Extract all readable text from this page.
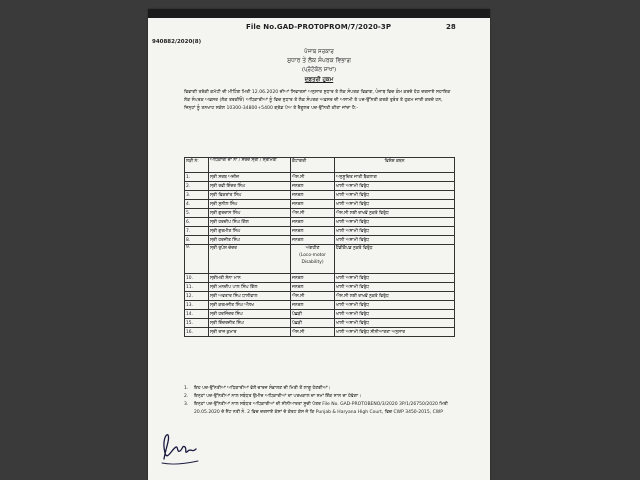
File No.GAD-PROT0PROM/7/2020-3P	28
940882/2020(8)
ਪੰਜਾਬ ਸਰਕਾਰ
ਸੁਧਾਰ ਤੇ ਲੋਕ ਸੰਪਰਕ ਵਿਭਾਗ
(ਪ੍ਰੋਟੋਕੋਲ ਸ਼ਾਖਾ)
ਦਫ਼ਤਰੀ ਹੁਕਮ
ਵਿਭਾਗੀ ਤਰੱਕੀ ਕਮੇਟੀ ਦੀ ਮੀਟਿੰਗ ਮਿਤੀ 12.06.2020 ਦੀਆਂ ਸਿਫਾਰਸ਼ਾਂ ਅਨੁਸਾਰ ਸੁਧਾਰ ਤੇ ਲੋਕ ਸੰਪਰਕ ਵਿਭਾਗ, ਪੰਜਾਬ ਵਿਚ ਕੰਮ ਕਰਦੇ ਹੇਠ ਦਰਸਾਏ ਸਹਾਇਕ ਲੋਕ ਸੰਪਰਕ ਅਫ਼ਸਰ (ਲੋਕ ਤਰਕੀਓਂ) ਅਧਿਕਾਰੀਆਂ ਨੂੰ ਵਿਚ ਸੁਧਾਰ ਤੇ ਲੋਕ ਸੰਪਰਕ ਅਫ਼ਸਰ ਦੀ ਅਸਾਮੀ ਤੇ ਪਦ-ਉੱਨਤੀ ਕਰਕੇ ਤੁਰੰਤ ਤੇ ਹੁਕਮ ਜਾਰੀ ਕਰਦੇ ਹਨ, ਜਿਨ੍ਹਾਂ ਨੂੰ ਤਨਖਾਹ ਸਕੇਲ 10300-34800+5400 ਗ੍ਰੇਡ ਪੇਅ ਤੇ ਰੈਗੂਲਰ ਪਦ-ਉੱਨਤੀ ਕੀਤਾ ਜਾਂਦਾ ਹੈ:-
ਲੜੀ ਨੰ:	ਅਧਿਕਾਰੀ ਦਾ ਨਾਂ / ਸਰਦ ਸ੍ਰੀ / ਸ੍ਰੀਮਤੀ	ਕੈਟਾਗਰੀ	ਵਿਸ਼ੇਸ਼ ਕਥਨ
1.	ਸ੍ਰੀ ਸਰਬ ਅਜ਼ੀਜ਼	ਐਸ.ਸੀ	ਅਨੁਸੂਚਿਤ ਜਾਤੀ ਬੈਕਲਾਗ
2.	ਸ੍ਰੀ ਰਵੀ ਇੰਦਰ ਸਿੰਘ	ਜਨਰਲ	ਖਾਲੀ ਅਸਾਮੀ ਵਿਰੁੱਧ
3.	ਸ੍ਰੀ ਵਿਕਰਾਂਤ ਸਿੰਘ	ਜਨਰਲ	ਖਾਲੀ ਅਸਾਮੀ ਵਿਰੁੱਧ
4.	ਸ੍ਰੀ ਸੁਨੀਲ ਸਿੰਘ	ਜਨਰਲ	ਖਾਲੀ ਅਸਾਮੀ ਵਿਰੁੱਧ
5.	ਸ੍ਰੀ ਗੁਰਦਾਸ ਸਿੰਘ	ਐਸ.ਸੀ	ਐਸ.ਸੀ ਲਈ ਰਾਖਵੇਂ ਨੁਕਤੇ ਵਿਰੁੱਧ
6.	ਸ੍ਰੀ ਹਰਦੀਪ ਸਿੰਘ ਗਿੱਲ	ਜਨਰਲ	ਖਾਲੀ ਅਸਾਮੀ ਵਿਰੁੱਧ
7.	ਸ੍ਰੀ ਗੁਰਮੀਤ ਸਿੰਘ	ਜਨਰਲ	ਖਾਲੀ ਅਸਾਮੀ ਵਿਰੁੱਧ
8.	ਸ੍ਰੀ ਹਰਜੀਤ ਸਿੰਘ	ਜਨਰਲ	ਖਾਲੀ ਅਸਾਮੀ ਵਿਰੁੱਧ
9.	ਸ੍ਰੀ ਰੁਪੇਸ਼ ਚੰਦਰ	ਅੰਗਹੀਣ
(Loco-motor
Disability)	ਹੈਂਡੀਕੈਪਡ ਨੁਕਤੇ ਵਿਰੁੱਧ
10.	ਸ੍ਰੀਮਤੀ ਸੋਨਾ ਮਾਨ	ਜਨਰਲ	ਖਾਲੀ ਅਸਾਮੀ ਵਿਰੁੱਧ
11.	ਸ੍ਰੀ ਮਨਦੀਪ ਪਾਲ ਸਿੰਘ ਗਿੱਲ	ਜਨਰਲ	ਖਾਲੀ ਅਸਾਮੀ ਵਿਰੁੱਧ
12.	ਸ੍ਰੀ ਅਵਤਾਰ ਸਿੰਘ ਧਾਲੀਵਾਲ	ਐਸ.ਸੀ	ਐਸ.ਸੀ ਲਈ ਰਾਖਵੇਂ ਨੁਕਤੇ ਵਿਰੁੱਧ
13.	ਸ੍ਰੀ ਕਰਮਜੀਤ ਸਿੰਘ ਔਲਖ	ਜਨਰਲ	ਖਾਲੀ ਅਸਾਮੀ ਵਿਰੁੱਧ
14.	ਸ੍ਰੀ ਹਰਜਿੰਦਰ ਸਿੰਘ	ਪੱਛੜੀ	ਖਾਲੀ ਅਸਾਮੀ ਵਿਰੁੱਧ
15.	ਸ੍ਰੀ ਇੰਦਰਜੀਤ ਸਿੰਘ	ਪੱਛੜੀ	ਖਾਲੀ ਅਸਾਮੀ ਵਿਰੁੱਧ
16.	ਸ੍ਰੀ ਰਾਜ ਕੁਮਾਰ	ਐਸ.ਸੀ	ਖਾਲੀ ਅਸਾਮੀ ਵਿਰੁੱਧ ਸੀਨੀਆਰਤਾ ਅਨੁਸਾਰ
1.	ਇਹ ਪਦ-ਉੱਨਤੀਆਂ ਅਧਿਕਾਰੀਆਂ ਵੱਲੋਂ ਚਾਰਜ ਸੰਭਾਲਣ ਦੀ ਮਿਤੀ ਤੋਂ ਲਾਗੂ ਹੋਣਗੀਆਂ।
2.	ਇਨ੍ਹਾਂ ਪਦ-ਉੱਨਤੀਆਂ ਨਾਲ ਸਬੰਧਤ ਉਮੀਦ ਅਧਿਕਾਰੀਆਂ ਦਾ ਪਰਖਕਾਲ ਦਾ ਸਮਾਂ ਇੱਕ ਸਾਲ ਦਾ ਹੋਵੇਗਾ।
3.	ਇਨ੍ਹਾਂ ਪਦ-ਉੱਨਤੀਆਂ ਨਾਲ ਸਬੰਧਤ ਅਧਿਕਾਰੀਆਂ ਦੀ ਸੀਨੀਆਰਤਾ ਸੂਚੀ ਪੱਤਰ File No. GAD-PROTOBENO/3/2020 3P/1/26750/2020 ਮਿਤੀ 20.05.2020 ਦੇ ਸੈਂਟ ਨਤੀ ਨੰ. 2 ਵਿਚ ਦਰਸਾਏ ਕੇਸਾਂ ਦੇ ਕੋਰਟ ਕੇਸ ਜੋ ਕਿ Punjab & Haryana High Court, ਵਿਚ CWP 3450-2015, CWP
